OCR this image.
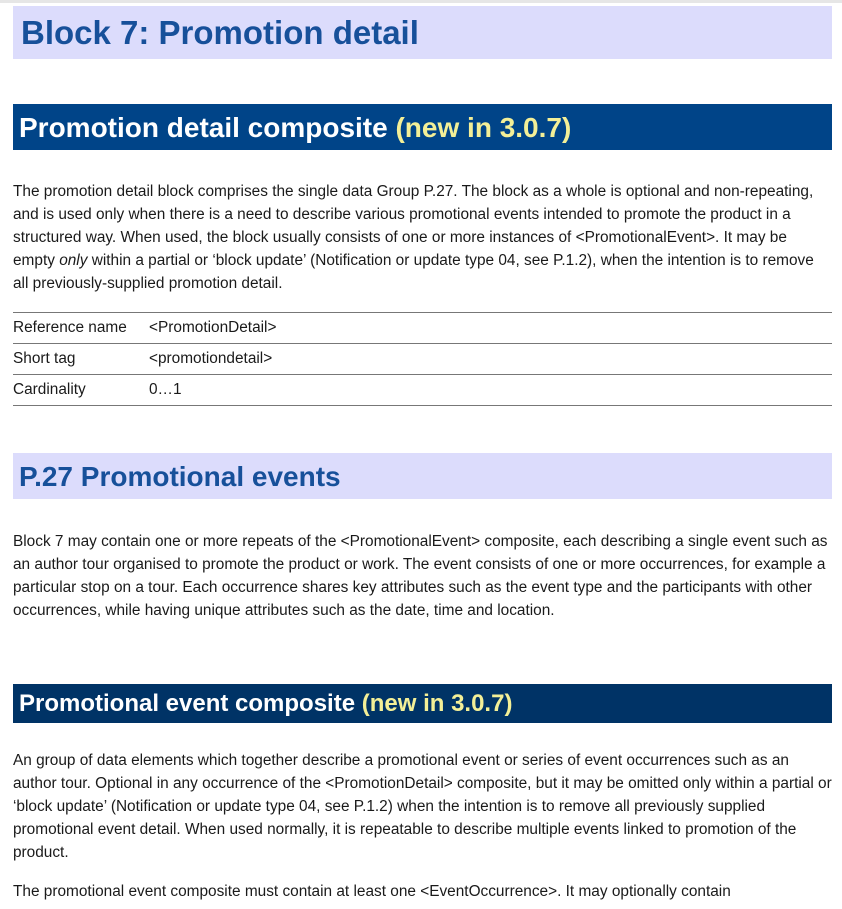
Block 7: Promotion detail
Promotion detail composite (new in 3.0.7)

The promotion detail block comprises the single data Group P.27. The block as a whole is optional and non-repeating, and is used only when there is a need to describe various promotional events intended to promote the product in a structured way. When used, the block usually consists of one or more instances of <PromotionalEvent>. It may be empty only within a partial or ‘block update’ (Notification or update type 04, see P.1.2), when the intention is to remove all previously-supplied promotion detail.

Reference name	<PromotionDetail>
Short tag	<promotiondetail>
Cardinality	0…1
P.27 Promotional events

Block 7 may contain one or more repeats of the <PromotionalEvent> composite, each describing a single event such as an author tour organised to promote the product or work. The event consists of one or more occurrences, for example a particular stop on a tour. Each occurrence shares key attributes such as the event type and the participants with other occurrences, while having unique attributes such as the date, time and location.

Promotional event composite (new in 3.0.7)

An group of data elements which together describe a promotional event or series of event occurrences such as an author tour. Optional in any occurrence of the <PromotionDetail> composite, but it may be omitted only within a partial or ‘block update’ (Notification or update type 04, see P.1.2) when the intention is to remove all previously supplied promotional event detail. When used normally, it is repeatable to describe multiple events linked to promotion of the product.

The promotional event composite must contain at least one <EventOccurrence>. It may optionally contain
